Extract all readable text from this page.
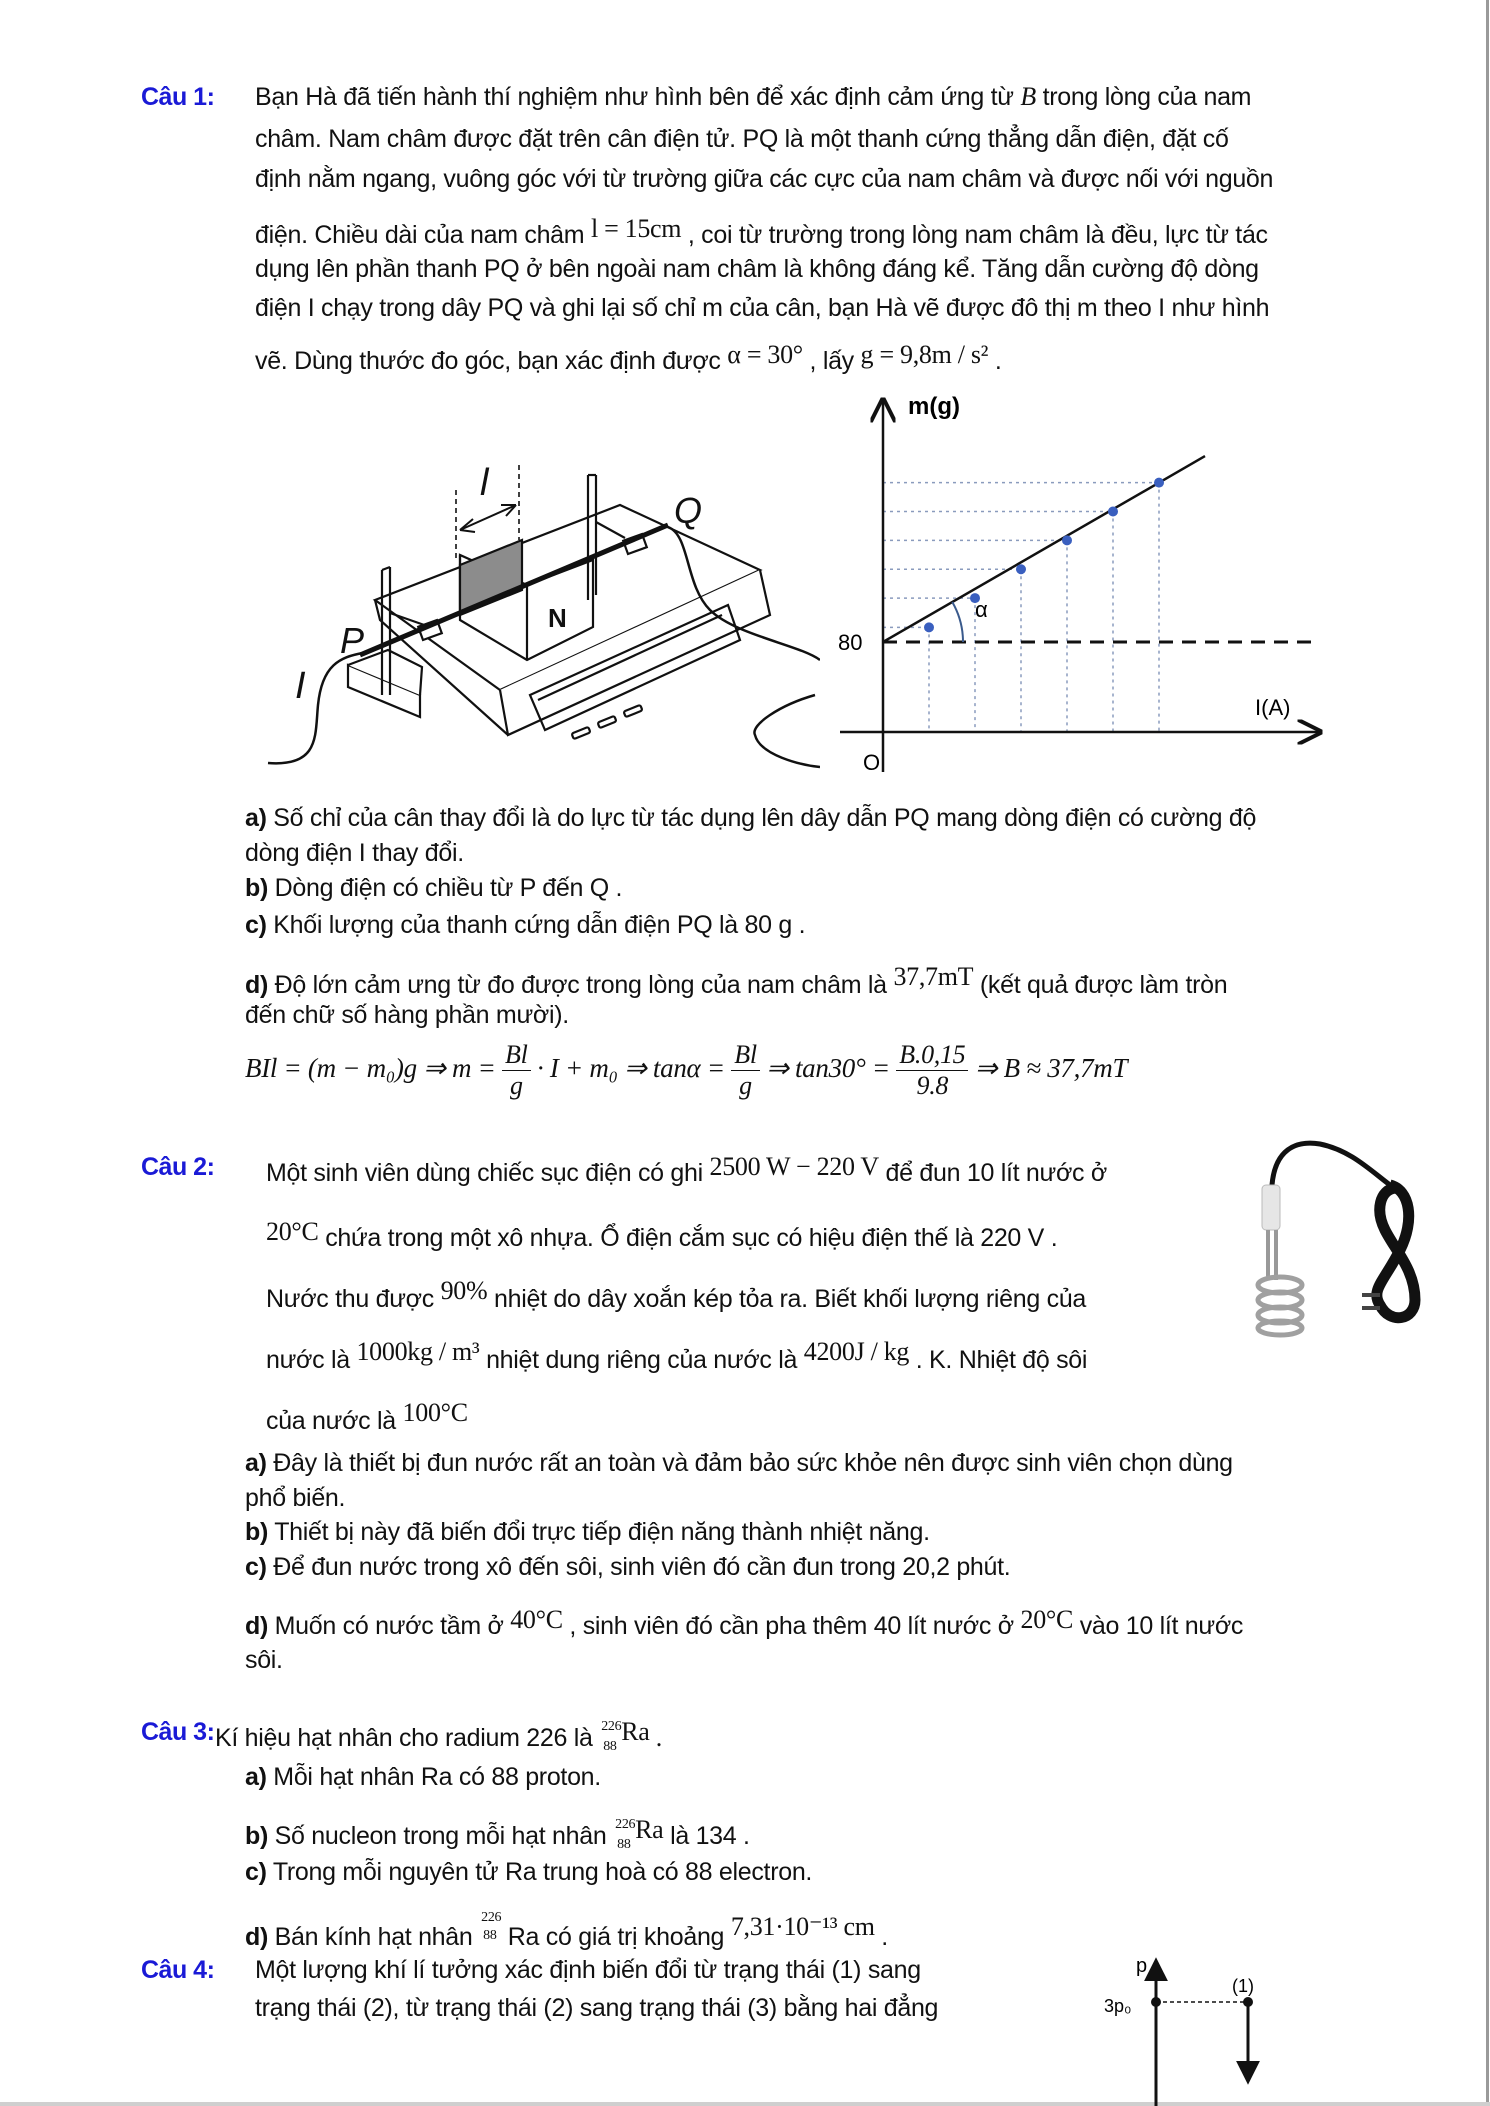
Câu 1: Bạn Hà đã tiến hành thí nghiệm như hình bên để xác định cảm ứng từ B trong lòng của nam
châm. Nam châm được đặt trên cân điện tử. PQ là một thanh cứng thẳng dẫn điện, đặt cố
định nằm ngang, vuông góc với từ trường giữa các cực của nam châm và được nối với nguồn
điện. Chiều dài của nam châm l = 15cm , coi từ trường trong lòng nam châm là đều, lực từ tác
dụng lên phần thanh PQ ở bên ngoài nam châm là không đáng kể. Tăng dẫn cường độ dòng
điện I chạy trong dây PQ và ghi lại số chỉ m của cân, bạn Hà vẽ được đô thị m theo I như hình
vẽ. Dùng thước đo góc, bạn xác định được α = 30° , lấy g = 9,8m / s² .
S
N
l
P
Q
I
m(g)
I(A)
O
80
α
a) Số chỉ của cân thay đổi là do lực từ tác dụng lên dây dẫn PQ mang dòng điện có cường độ
dòng điện I thay đổi.
b) Dòng điện có chiều từ P đến Q .
c) Khối lượng của thanh cứng dẫn điện PQ là 80 g .
d) Độ lớn cảm ưng từ đo được trong lòng của nam châm là 37,7mT (kết quả được làm tròn
đến chữ số hàng phần mười).
BIl = (m − m₀)g ⇒ $m = \frac{Bl}{g} \cdot I + m_0$ ⇒ $\tan\alpha = \frac{Bl}{g}$ ⇒ $\tan 30^\circ = \frac{B.0,15}{9.8}$ ⇒ B ≈ 37,7mT
Câu 2: Một sinh viên dùng chiếc sục điện có ghi 2500 W − 220 V để đun 10 lít nước ở
20°C chứa trong một xô nhựa. Ổ điện cắm sục có hiệu điện thế là 220 V .
Nước thu được 90% nhiệt do dây xoắn kép tỏa ra. Biết khối lượng riêng của
nước là 1000kg / m³ nhiệt dung riêng của nước là 4200J / kg . K. Nhiệt độ sôi
của nước là 100°C
a) Đây là thiết bị đun nước rất an toàn và đảm bảo sức khỏe nên được sinh viên chọn dùng
phổ biến.
b) Thiết bị này đã biến đổi trực tiếp điện năng thành nhiệt năng.
c) Để đun nước trong xô đến sôi, sinh viên đó cần đun trong 20,2 phút.
d) Muốn có nước tầm ở 40°C , sinh viên đó cần pha thêm 40 lít nước ở 20°C vào 10 lít nước
sôi.
Câu 3: Kí hiệu hạt nhân cho radium 226 là 226
88
Ra .
a) Mỗi hạt nhân Ra có 88 proton.
b) Số nucleon trong mỗi hạt nhân 226
88
Ra là 134 .
c) Trong mỗi nguyên tử Ra trung hoà có 88 electron.
d) Bán kính hạt nhân
226
88 Ra có giá trị khoảng 7,31·10⁻¹³ cm .
Câu 4: Một lượng khí lí tưởng xác định biến đổi từ trạng thái (1) sang
trạng thái (2), từ trạng thái (2) sang trạng thái (3) bằng hai đẳng
p
3p₀
(1)
